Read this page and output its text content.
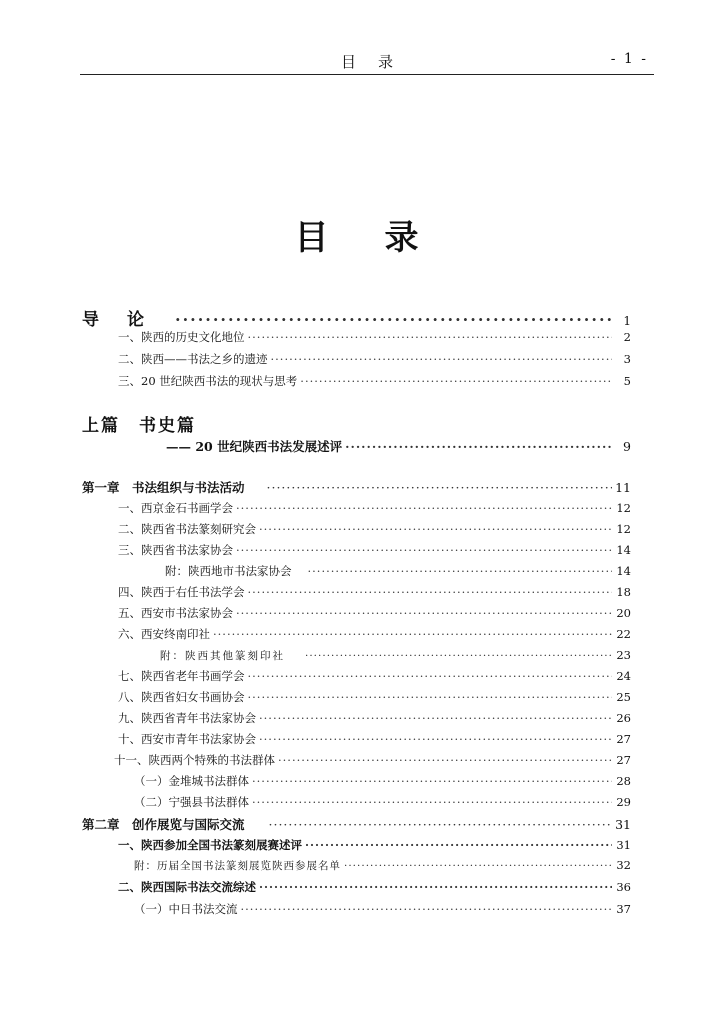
目录	- 1 -
目录
导论 ·····	1
一、陕西的历史文化地位 ·····	2
二、陕西——书法之乡的遗迹 ·····	3
三、20 世纪陕西书法的现状与思考 ·····	5
上篇　书史篇
—— 20 世纪陕西书法发展述评 ·····	9
第一章　书法组织与书法活动 ·····	11
一、西京金石书画学会 ·····	12
二、陕西省书法篆刻研究会 ·····	12
三、陕西省书法家协会 ·····	14
附：陕西地市书法家协会 ·····	14
四、陕西于右任书法学会 ·····	18
五、西安市书法家协会 ·····	20
六、西安终南印社 ·····	22
附：陕西其他篆刻印社 ·····	23
七、陕西省老年书画学会 ·····	24
八、陕西省妇女书画协会 ·····	25
九、陕西省青年书法家协会 ·····	26
十、西安市青年书法家协会 ·····	27
十一、陕西两个特殊的书法群体 ·····	27
（一）金堆城书法群体 ·····	28
（二）宁强县书法群体 ·····	29
第二章　创作展览与国际交流 ·····	31
一、陕西参加全国书法篆刻展赛述评 ·····	31
附：历届全国书法篆刻展览陕西参展名单 ·····	32
二、陕西国际书法交流综述 ·····	36
（一）中日书法交流 ·····	37
